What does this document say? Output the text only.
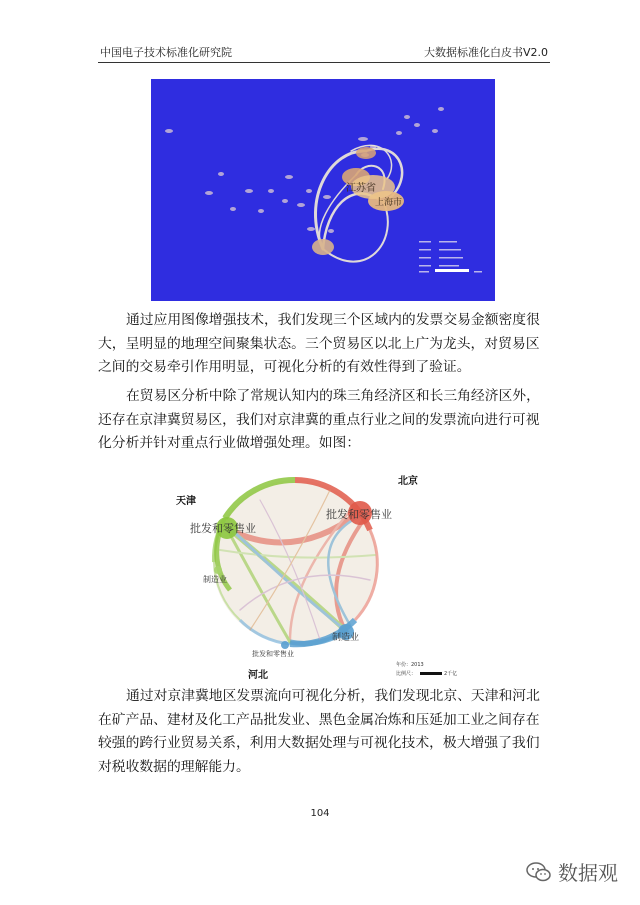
中国电子技术标准化研究院	大数据标准化白皮书V2.0
江苏省
上海市

通过应用图像增强技术，我们发现三个区域内的发票交易金额密度很大，呈明显的地理空间聚集状态。三个贸易区以北上广为龙头，对贸易区之间的交易牵引作用明显，可视化分析的有效性得到了验证。

在贸易区分析中除了常规认知内的珠三角经济区和长三角经济区外，还存在京津冀贸易区，我们对京津冀的重点行业之间的发票流向进行可视化分析并针对重点行业做增强处理。如图：

北京
天津
河北
批发和零售业
批发和零售业
制造业
制造业
批发和零售业
年份：2013
比例尺：	2千亿

通过对京津冀地区发票流向可视化分析，我们发现北京、天津和河北在矿产品、建材及化工产品批发业、黑色金属冶炼和压延加工业之间存在较强的跨行业贸易关系，利用大数据处理与可视化技术，极大增强了我们对税收数据的理解能力。

104
数据观
